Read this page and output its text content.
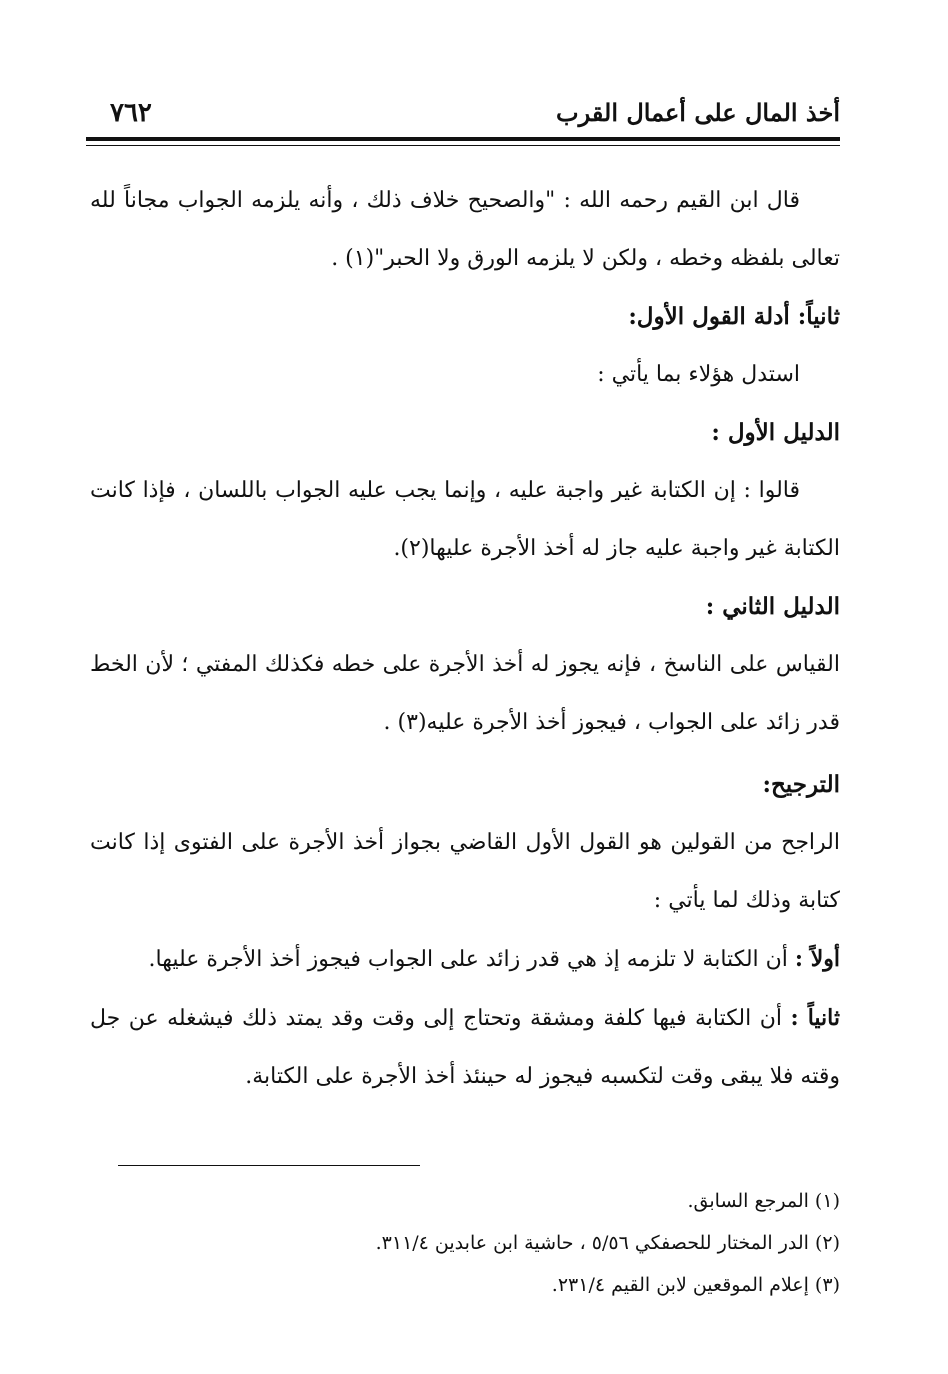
٧٦٢	أخذ المال على أعمال القرب

قال ابن القيم رحمه الله : "والصحيح خلاف ذلك ، وأنه يلزمه الجواب مجاناً لله تعالى بلفظه وخطه ، ولكن لا يلزمه الورق ولا الحبر"(١) .

ثانياً: أدلة القول الأول:

استدل هؤلاء بما يأتي :

الدليل الأول :

قالوا : إن الكتابة غير واجبة عليه ، وإنما يجب عليه الجواب باللسان ، فإذا كانت الكتابة غير واجبة عليه جاز له أخذ الأجرة عليها(٢).

الدليل الثاني :

القياس على الناسخ ، فإنه يجوز له أخذ الأجرة على خطه فكذلك المفتي ؛ لأن الخط قدر زائد على الجواب ، فيجوز أخذ الأجرة عليه(٣) .

الترجيح:

الراجح من القولين هو القول الأول القاضي بجواز أخذ الأجرة على الفتوى إذا كانت كتابة وذلك لما يأتي :

أولاً : أن الكتابة لا تلزمه إذ هي قدر زائد على الجواب فيجوز أخذ الأجرة عليها.

ثانياً : أن الكتابة فيها كلفة ومشقة وتحتاج إلى وقت وقد يمتد ذلك فيشغله عن جل وقته فلا يبقى وقت لتكسبه فيجوز له حينئذ أخذ الأجرة على الكتابة.

(١) المرجع السابق.

(٢) الدر المختار للحصفكي ٥/٥٦ ، حاشية ابن عابدين ٣١١/٤.

(٣) إعلام الموقعين لابن القيم ٢٣١/٤.
